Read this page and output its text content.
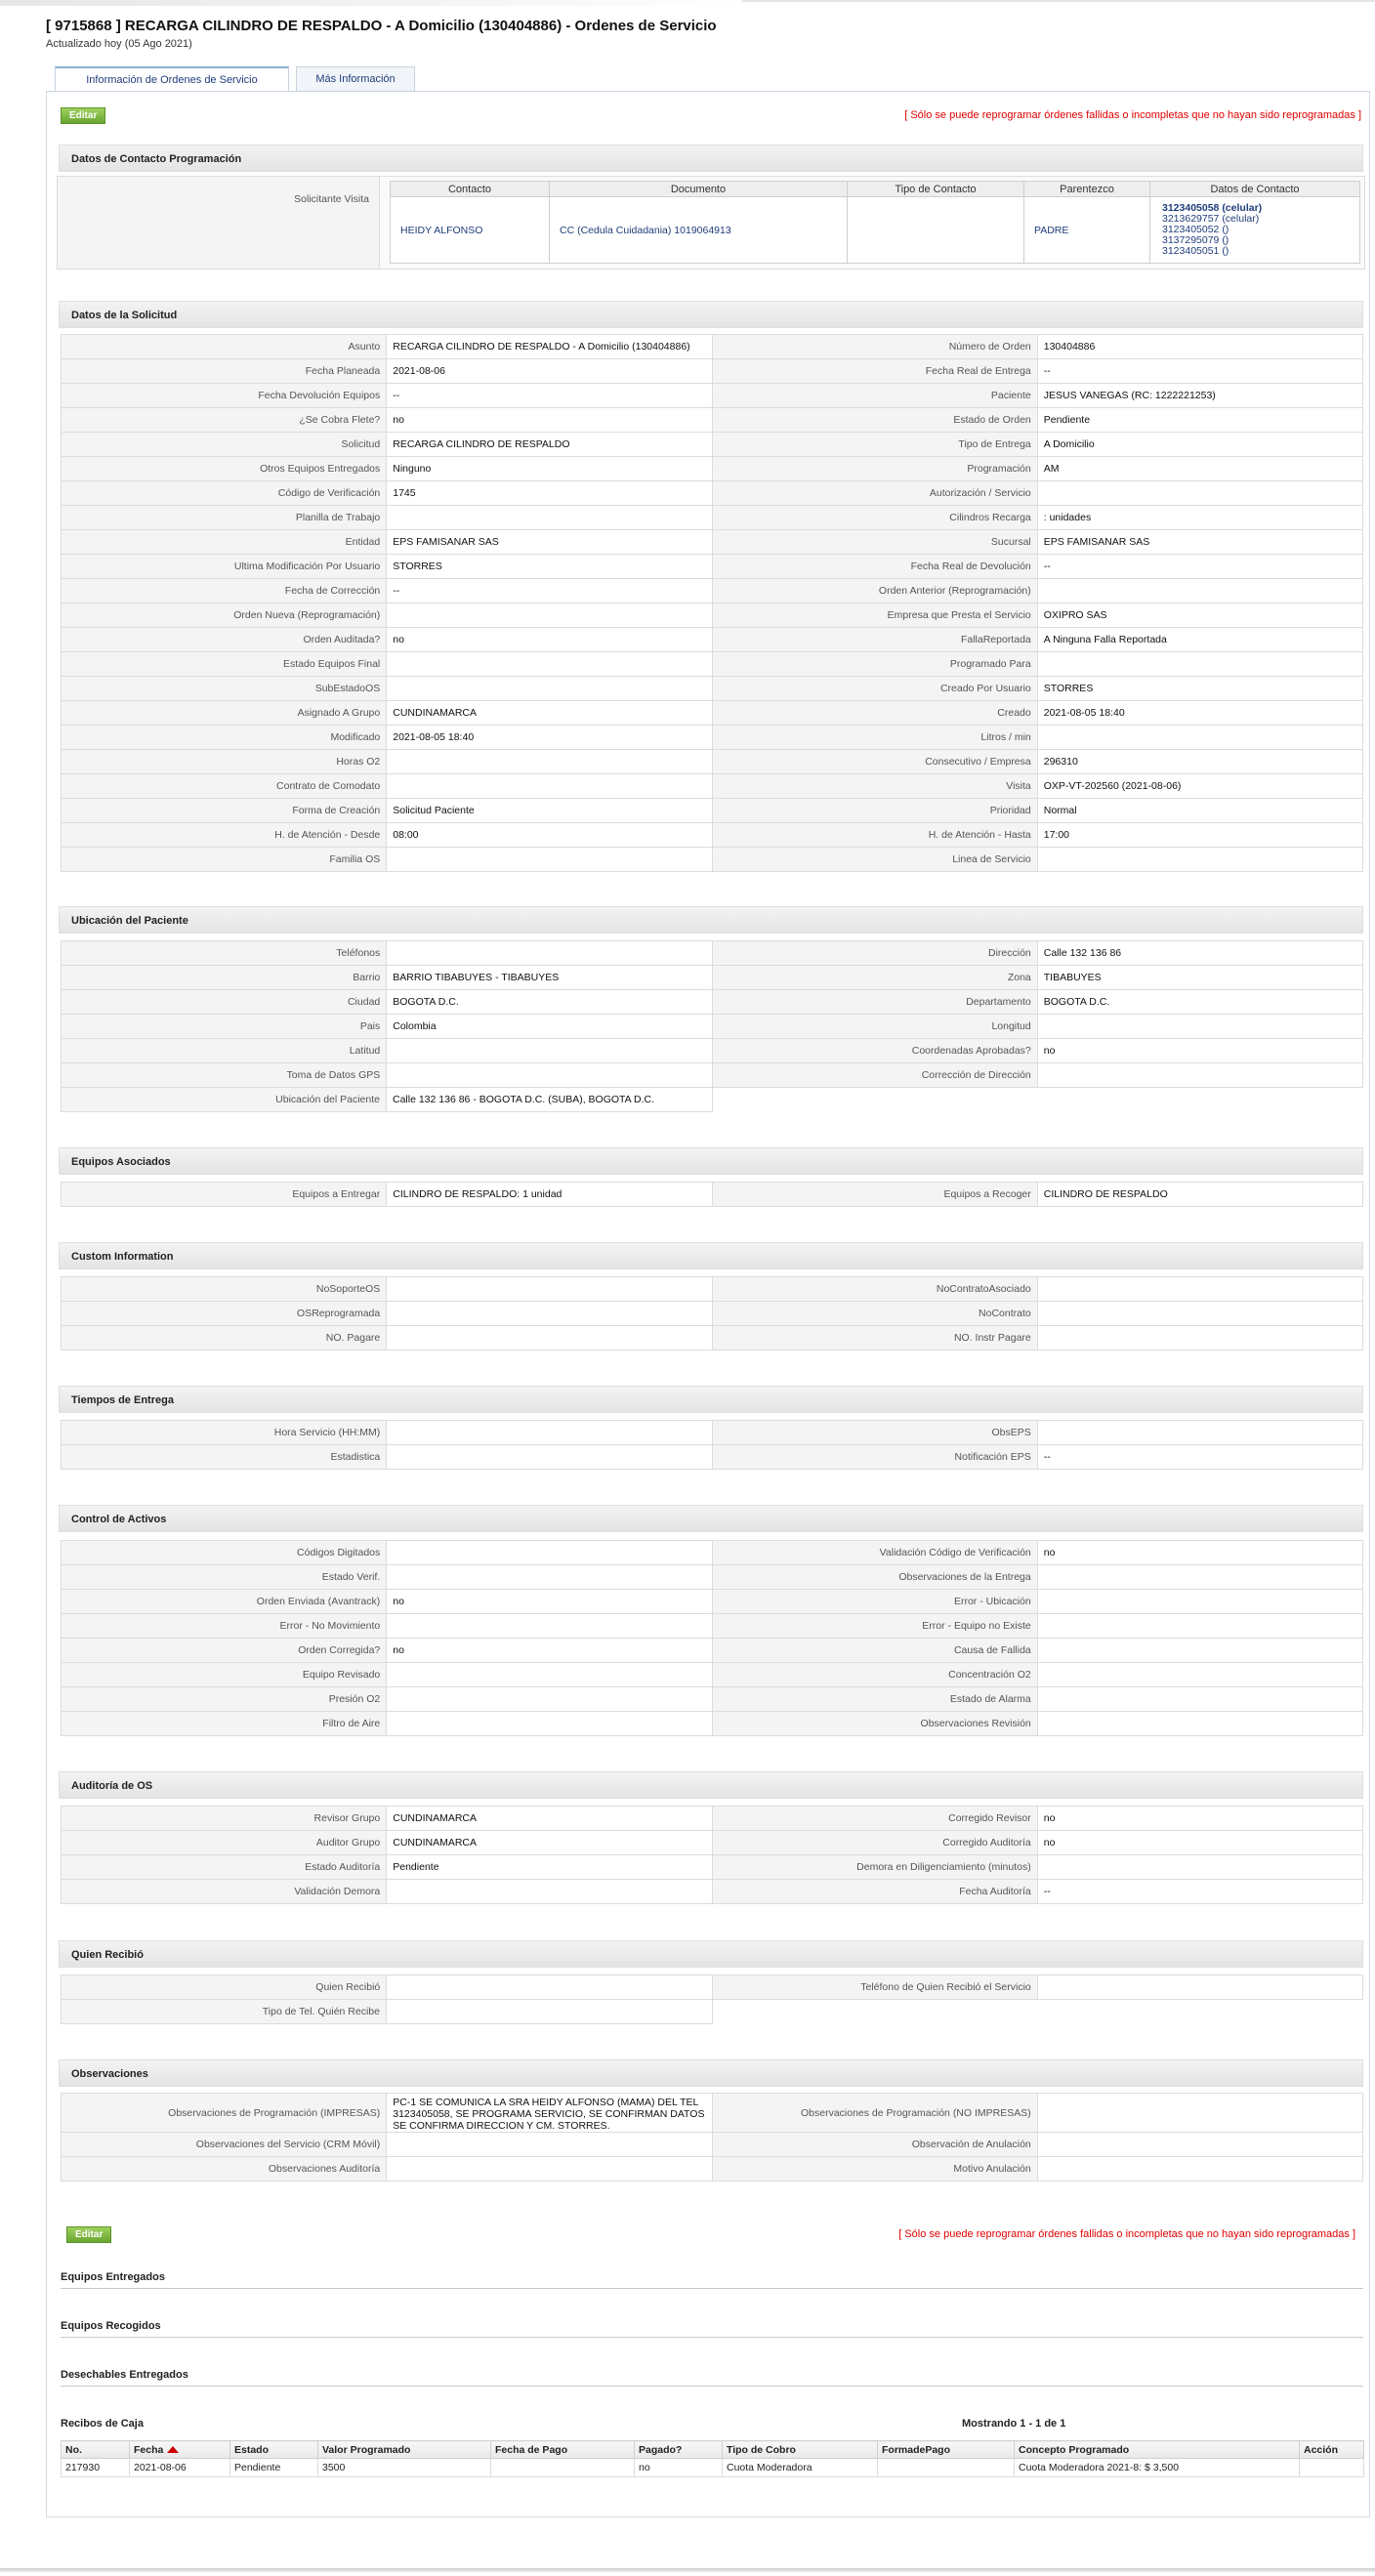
[ 9715868 ] RECARGA CILINDRO DE RESPALDO - A Domicilio (130404886) - Ordenes de Servicio
Actualizado hoy (05 Ago 2021)
Información de Ordenes de Servicio	Más Información
Editar	[ Sólo se puede reprogramar órdenes fallidas o incompletas que no hayan sido reprogramadas ]
Datos de Contacto Programación
Solicitante Visita
Contacto	Documento	Tipo de Contacto	Parentezco	Datos de Contacto
HEIDY ALFONSO	CC (Cedula Cuidadania) 1019064913		PADRE	3123405058 (celular)
3213629757 (celular)
3123405052 ()
3137295079 ()
3123405051 ()
Datos de la Solicitud
Asunto	RECARGA CILINDRO DE RESPALDO - A Domicilio (130404886)	Número de Orden	130404886
Fecha Planeada	2021-08-06	Fecha Real de Entrega	--
Fecha Devolución Equipos	--	Paciente	JESUS VANEGAS (RC: 1222221253)
¿Se Cobra Flete?	no	Estado de Orden	Pendiente
Solicitud	RECARGA CILINDRO DE RESPALDO	Tipo de Entrega	A Domicilio
Otros Equipos Entregados	Ninguno	Programación	AM
Código de Verificación	1745	Autorización / Servicio	
Planilla de Trabajo		Cilindros Recarga	: unidades
Entidad	EPS FAMISANAR SAS	Sucursal	EPS FAMISANAR SAS
Ultima Modificación Por Usuario	STORRES	Fecha Real de Devolución	--
Fecha de Corrección	--	Orden Anterior (Reprogramación)	
Orden Nueva (Reprogramación)		Empresa que Presta el Servicio	OXIPRO SAS
Orden Auditada?	no	FallaReportada	A Ninguna Falla Reportada
Estado Equipos Final		Programado Para	
SubEstadoOS		Creado Por Usuario	STORRES
Asignado A Grupo	CUNDINAMARCA	Creado	2021-08-05 18:40
Modificado	2021-08-05 18:40	Litros / min	
Horas O2		Consecutivo / Empresa	296310
Contrato de Comodato		Visita	OXP-VT-202560 (2021-08-06)
Forma de Creación	Solicitud Paciente	Prioridad	Normal
H. de Atención - Desde	08:00	H. de Atención - Hasta	17:00
Familia OS		Linea de Servicio	
Ubicación del Paciente
Teléfonos		Dirección	Calle 132 136 86
Barrio	BARRIO TIBABUYES - TIBABUYES	Zona	TIBABUYES
Ciudad	BOGOTA D.C.	Departamento	BOGOTA D.C.
Pais	Colombia	Longitud	
Latitud		Coordenadas Aprobadas?	no
Toma de Datos GPS		Corrección de Dirección	
Ubicación del Paciente	Calle 132 136 86 - BOGOTA D.C. (SUBA), BOGOTA D.C.
Equipos Asociados
Equipos a Entregar	CILINDRO DE RESPALDO: 1 unidad	Equipos a Recoger	CILINDRO DE RESPALDO
Custom Information
NoSoporteOS		NoContratoAsociado	
OSReprogramada		NoContrato	
NO. Pagare		NO. Instr Pagare	
Tiempos de Entrega
Hora Servicio (HH:MM)		ObsEPS	
Estadistica		Notificación EPS	--
Control de Activos
Códigos Digitados		Validación Código de Verificación	no
Estado Verif.		Observaciones de la Entrega	
Orden Enviada (Avantrack)	no	Error - Ubicación	
Error - No Movimiento		Error - Equipo no Existe	
Orden Corregida?	no	Causa de Fallida	
Equipo Revisado		Concentración O2	
Presión O2		Estado de Alarma	
Filtro de Aire		Observaciones Revisión	
Auditoría de OS
Revisor Grupo	CUNDINAMARCA	Corregido Revisor	no
Auditor Grupo	CUNDINAMARCA	Corregido Auditoría	no
Estado Auditoría	Pendiente	Demora en Diligenciamiento (minutos)	
Validación Demora		Fecha Auditoría	--
Quien Recibió
Quien Recibió		Teléfono de Quien Recibió el Servicio	
Tipo de Tel. Quién Recibe	
Observaciones
Observaciones de Programación (IMPRESAS)	PC-1 SE COMUNICA LA SRA HEIDY ALFONSO (MAMA) DEL TEL 3123405058, SE PROGRAMA SERVICIO, SE CONFIRMAN DATOS SE CONFIRMA DIRECCION Y CM. STORRES.	Observaciones de Programación (NO IMPRESAS)	
Observaciones del Servicio (CRM Móvil)		Observación de Anulación	
Observaciones Auditoría		Motivo Anulación	
Editar	[ Sólo se puede reprogramar órdenes fallidas o incompletas que no hayan sido reprogramadas ]
Equipos Entregados
Equipos Recogidos
Desechables Entregados
Recibos de Caja	Mostrando 1 - 1 de 1
No.	Fecha	Estado	Valor Programado	Fecha de Pago	Pagado?	Tipo de Cobro	FormadePago	Concepto Programado	Acción
217930	2021-08-06	Pendiente	3500		no	Cuota Moderadora		Cuota Moderadora 2021-8: $ 3,500	
